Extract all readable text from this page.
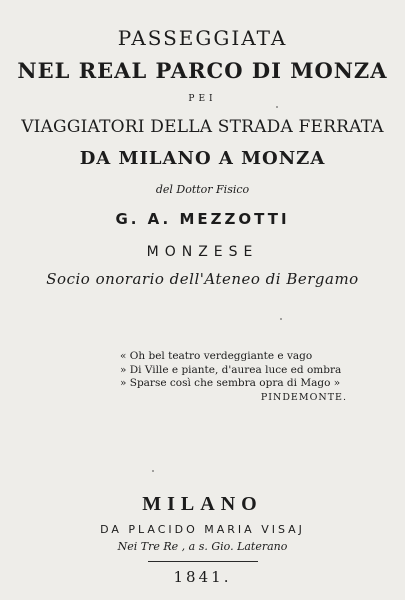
PASSEGGIATA
NEL REAL PARCO DI MONZA
PEI
VIAGGIATORI DELLA STRADA FERRATA
DA MILANO A MONZA
del Dottor Fisico
G. A. MEZZOTTI
MONZESE
Socio onorario dell'Ateneo di Bergamo
« Oh bel teatro verdeggiante e vago
» Di Ville e piante, d'aurea luce ed ombra
» Sparse così che sembra opra di Mago »
PINDEMONTE.
MILANO
DA PLACIDO MARIA VISAJ
Nei Tre Re , a s. Gio. Laterano
1841.
